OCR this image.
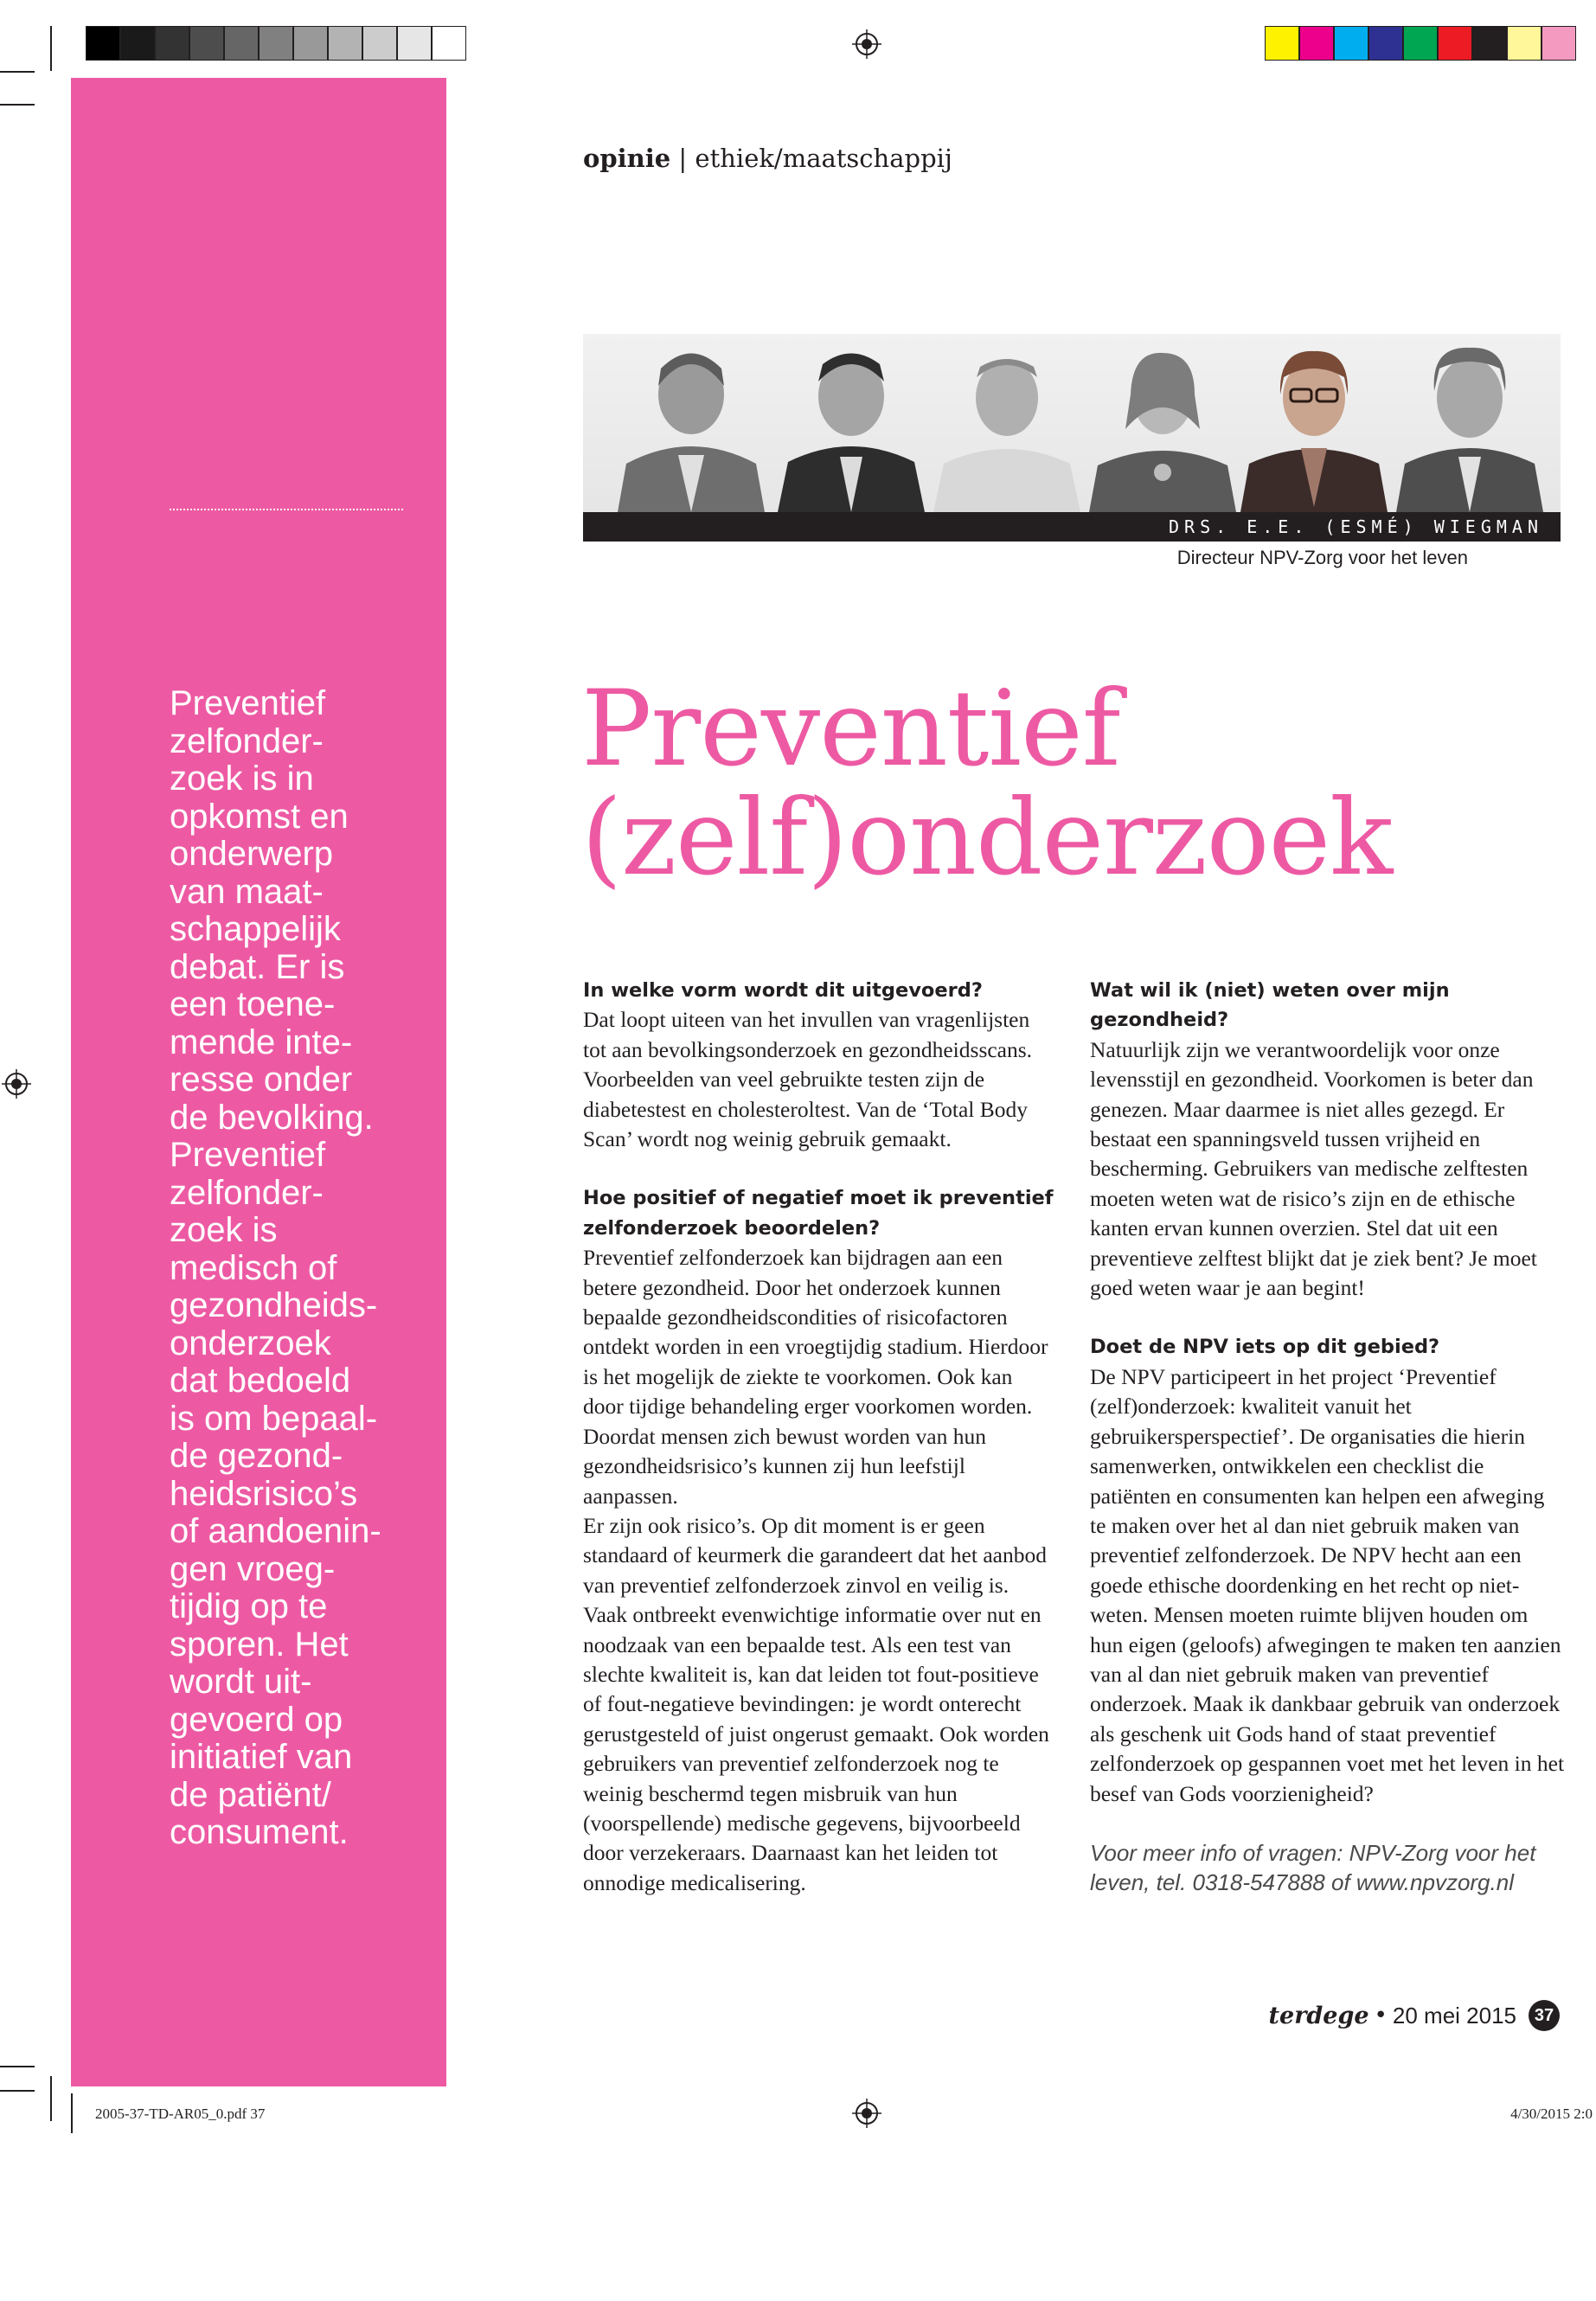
Preventief
zelfonder-
zoek is in
opkomst en
onderwerp
van maat-
schappelijk
debat. Er is
een toene-
mende inte-
resse onder
de bevolking.
Preventief
zelfonder-
zoek is
medisch of
gezondheids-
onderzoek
dat bedoeld
is om bepaal-
de gezond-
heidsrisico’s
of aandoenin-
gen vroeg-
tijdig op te
sporen. Het
wordt uit-
gevoerd op
initiatief van
de patiënt/
consument.

opinie | ethiek/maatschappij
DRS. E.E. (ESMÉ) WIEGMAN
Directeur NPV-Zorg voor het leven
Preventief
(zelf)onderzoek
In welke vorm wordt dit uitgevoerd?

Dat loopt uiteen van het invullen van vragenlijsten tot aan bevolkingsonderzoek en gezondheidsscans. Voorbeelden van veel gebruikte testen zijn de diabetestest en cholesteroltest. Van de ‘Total Body Scan’ wordt nog weinig gebruik gemaakt.

Hoe positief of negatief moet ik preventief zelfonderzoek beoordelen?

Preventief zelfonderzoek kan bijdragen aan een betere gezondheid. Door het onderzoek kunnen bepaalde gezondheidscondities of risicofactoren ontdekt worden in een vroegtijdig stadium. Hierdoor is het mogelijk de ziekte te voorkomen. Ook kan door tijdige behandeling erger voorkomen worden. Doordat mensen zich bewust worden van hun gezondheidsrisico’s kunnen zij hun leefstijl aanpassen.

Er zijn ook risico’s. Op dit moment is er geen standaard of keurmerk die garandeert dat het aanbod van preventief zelfonderzoek zinvol en veilig is. Vaak ontbreekt evenwichtige informatie over nut en noodzaak van een bepaalde test. Als een test van slechte kwaliteit is, kan dat leiden tot fout-positieve of fout-negatieve bevindingen: je wordt onterecht gerustgesteld of juist ongerust gemaakt. Ook worden gebruikers van preventief zelfonderzoek nog te weinig beschermd tegen misbruik van hun (voorspellende) medische gegevens, bijvoorbeeld door verzekeraars. Daarnaast kan het leiden tot onnodige medicalisering.

Wat wil ik (niet) weten over mijn gezondheid?

Natuurlijk zijn we verantwoordelijk voor onze levensstijl en gezondheid. Voorkomen is beter dan genezen. Maar daarmee is niet alles gezegd. Er bestaat een spanningsveld tussen vrijheid en bescherming. Gebruikers van medische zelftesten moeten weten wat de risico’s zijn en de ethische kanten ervan kunnen overzien. Stel dat uit een preventieve zelftest blijkt dat je ziek bent? Je moet goed weten waar je aan begint!

Doet de NPV iets op dit gebied?

De NPV participeert in het project ‘Preventief (zelf)onderzoek: kwaliteit vanuit het gebruikersperspectief’. De organisaties die hierin samenwerken, ontwikkelen een checklist die patiënten en consumenten kan helpen een afweging te maken over het al dan niet gebruik maken van preventief zelfonderzoek. De NPV hecht aan een goede ethische doordenking en het recht op niet-weten. Mensen moeten ruimte blijven houden om hun eigen (geloofs) afwegingen te maken ten aanzien van al dan niet gebruik maken van preventief onderzoek. Maak ik dankbaar gebruik van onderzoek als geschenk uit Gods hand of staat preventief zelfonderzoek op gespannen voet met het leven in het besef van Gods voorzienigheid?

Voor meer info of vragen: NPV-Zorg voor het leven, tel. 0318-547888 of www.npvzorg.nl

terdege • 20 mei 2015	37
2005-37-TD-AR05_0.pdf 37	4/30/2015 2:0
